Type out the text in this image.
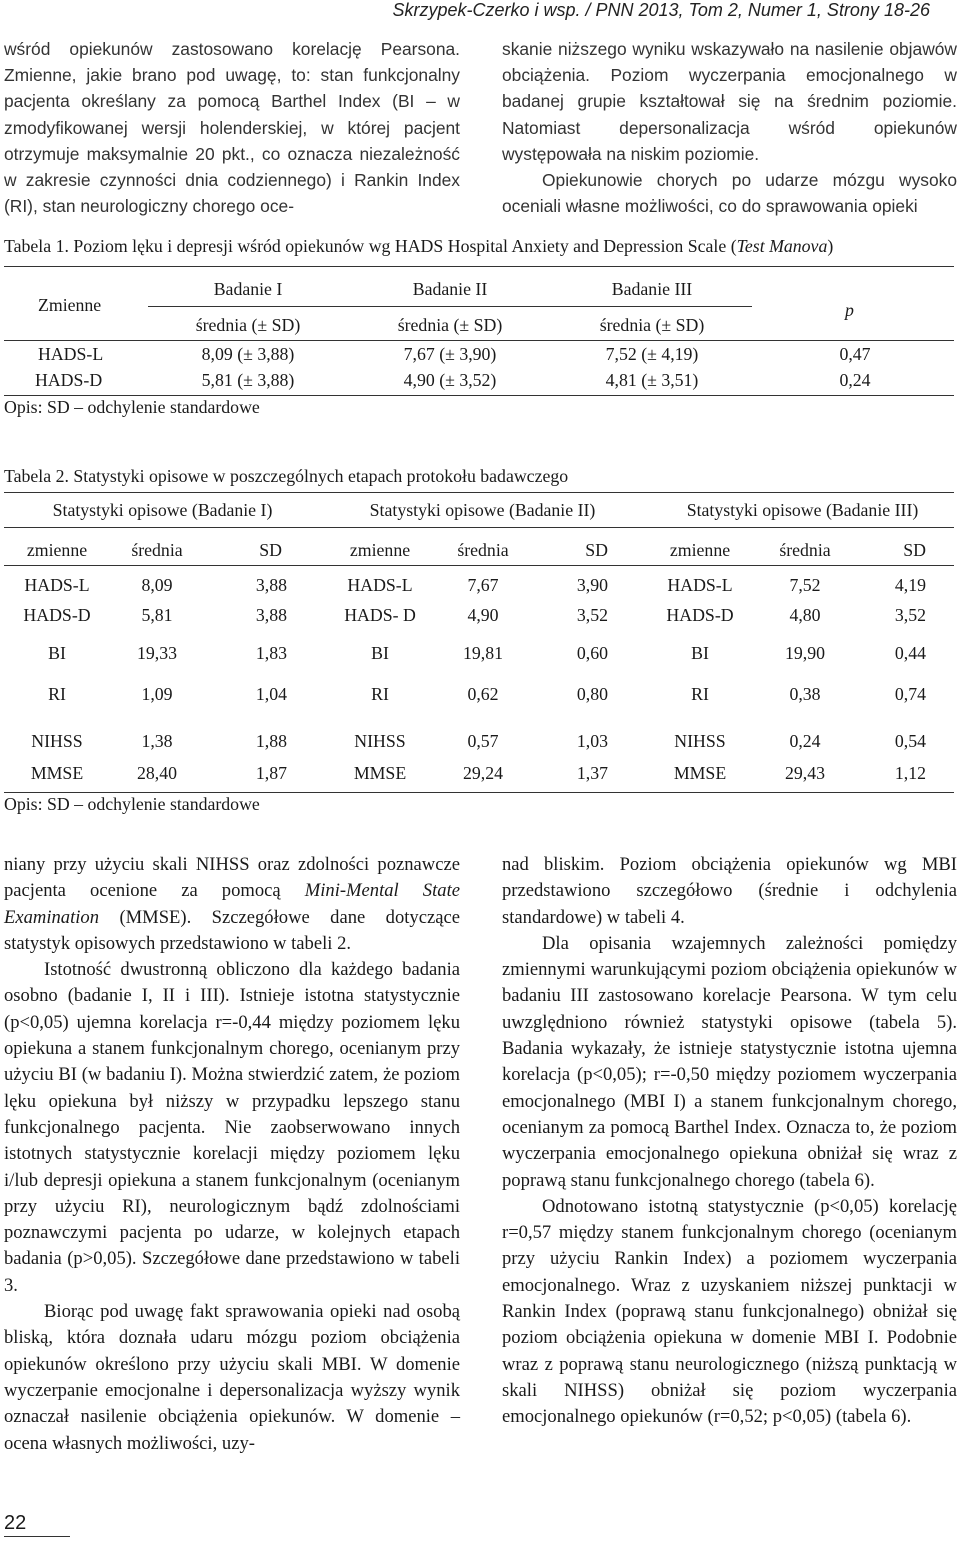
Skrzypek-Czerko i wsp. / PNN 2013, Tom 2, Numer 1, Strony 18-26

wśród opiekunów zastosowano korelację Pearsona. Zmienne, jakie brano pod uwagę, to: stan funkcjonalny pacjenta określany za pomocą Barthel Index (BI – w zmodyfikowanej wersji holenderskiej, w której pacjent otrzymuje maksymalnie 20 pkt., co oznacza niezależność w zakresie czynności dnia codziennego) i Rankin Index (RI), stan neurologiczny chorego oce-

skanie niższego wyniku wskazywało na nasilenie objawów obciążenia. Poziom wyczerpania emocjonalnego w badanej grupie kształtował się na średnim poziomie. Natomiast depersonalizacja wśród opiekunów występowała na niskim poziomie.

Opiekunowie chorych po udarze mózgu wysoko oceniali własne możliwości, co do sprawowania opieki

Tabela 1. Poziom lęku i depresji wśród opiekunów wg HADS Hospital Anxiety and Depression Scale (Test Manova)
Zmienne	p
Badanie I	Badanie II	Badanie III
średnia (± SD)	średnia (± SD)	średnia (± SD)
HADS-L	8,09 (± 3,88)	7,67 (± 3,90)	7,52 (± 4,19)	0,47
HADS-D	5,81 (± 3,88)	4,90 (± 3,52)	4,81 (± 3,51)	0,24
Opis: SD – odchylenie standardowe
Tabela 2. Statystyki opisowe w poszczególnych etapach protokołu badawczego
Statystyki opisowe (Badanie I)	Statystyki opisowe (Badanie II)	Statystyki opisowe (Badanie III)
zmienne	średnia	SD	zmienne	średnia	SD	zmienne	średnia	SD
HADS-L	8,09	3,88	HADS-L	7,67	3,90	HADS-L	7,52	4,19
HADS-D	5,81	3,88	HADS- D	4,90	3,52	HADS-D	4,80	3,52
BI	19,33	1,83	BI	19,81	0,60	BI	19,90	0,44
RI	1,09	1,04	RI	0,62	0,80	RI	0,38	0,74
NIHSS	1,38	1,88	NIHSS	0,57	1,03	NIHSS	0,24	0,54
MMSE	28,40	1,87	MMSE	29,24	1,37	MMSE	29,43	1,12
Opis: SD – odchylenie standardowe

niany przy użyciu skali NIHSS oraz zdolności poznawcze pacjenta ocenione za pomocą Mini-Mental State Examination (MMSE). Szczegółowe dane dotyczące statystyk opisowych przedstawiono w tabeli 2.

Istotność dwustronną obliczono dla każdego badania osobno (badanie I, II i III). Istnieje istotna statystycznie (p<0,05) ujemna korelacja r=-0,44 między poziomem lęku opiekuna a stanem funkcjonalnym chorego, ocenianym przy użyciu BI (w badaniu I). Można stwierdzić zatem, że poziom lęku opiekuna był niższy w przypadku lepszego stanu funkcjonalnego pacjenta. Nie zaobserwowano innych istotnych statystycznie korelacji między poziomem lęku i/lub depresji opiekuna a stanem funkcjonalnym (ocenianym przy użyciu RI), neurologicznym bądź zdolnościami poznawczymi pacjenta po udarze, w kolejnych etapach badania (p>0,05). Szczegółowe dane przedstawiono w tabeli 3.

Biorąc pod uwagę fakt sprawowania opieki nad osobą bliską, która doznała udaru mózgu poziom obciążenia opiekunów określono przy użyciu skali MBI. W domenie wyczerpanie emocjonalne i depersonalizacja wyższy wynik oznaczał nasilenie obciążenia opiekunów. W domenie – ocena własnych możliwości, uzy-

nad bliskim. Poziom obciążenia opiekunów wg MBI przedstawiono szczegółowo (średnie i odchylenia standardowe) w tabeli 4.

Dla opisania wzajemnych zależności pomiędzy zmiennymi warunkującymi poziom obciążenia opiekunów w badaniu III zastosowano korelacje Pearsona. W tym celu uwzględniono również statystyki opisowe (tabela 5). Badania wykazały, że istnieje statystycznie istotna ujemna korelacja (p<0,05); r=-0,50 między poziomem wyczerpania emocjonalnego (MBI I) a stanem funkcjonalnym chorego, ocenianym za pomocą Barthel Index. Oznacza to, że poziom wyczerpania emocjonalnego opiekuna obniżał się wraz z poprawą stanu funkcjonalnego chorego (tabela 6).

Odnotowano istotną statystycznie (p<0,05) korelację r=0,57 między stanem funkcjonalnym chorego (ocenianym przy użyciu Rankin Index) a poziomem wyczerpania emocjonalnego. Wraz z uzyskaniem niższej punktacji w Rankin Index (poprawą stanu funkcjonalnego) obniżał się poziom obciążenia opiekuna w domenie MBI I. Podobnie wraz z poprawą stanu neurologicznego (niższą punktacją w skali NIHSS) obniżał się poziom wyczerpania emocjonalnego opiekunów (r=0,52; p<0,05) (tabela 6).

22
